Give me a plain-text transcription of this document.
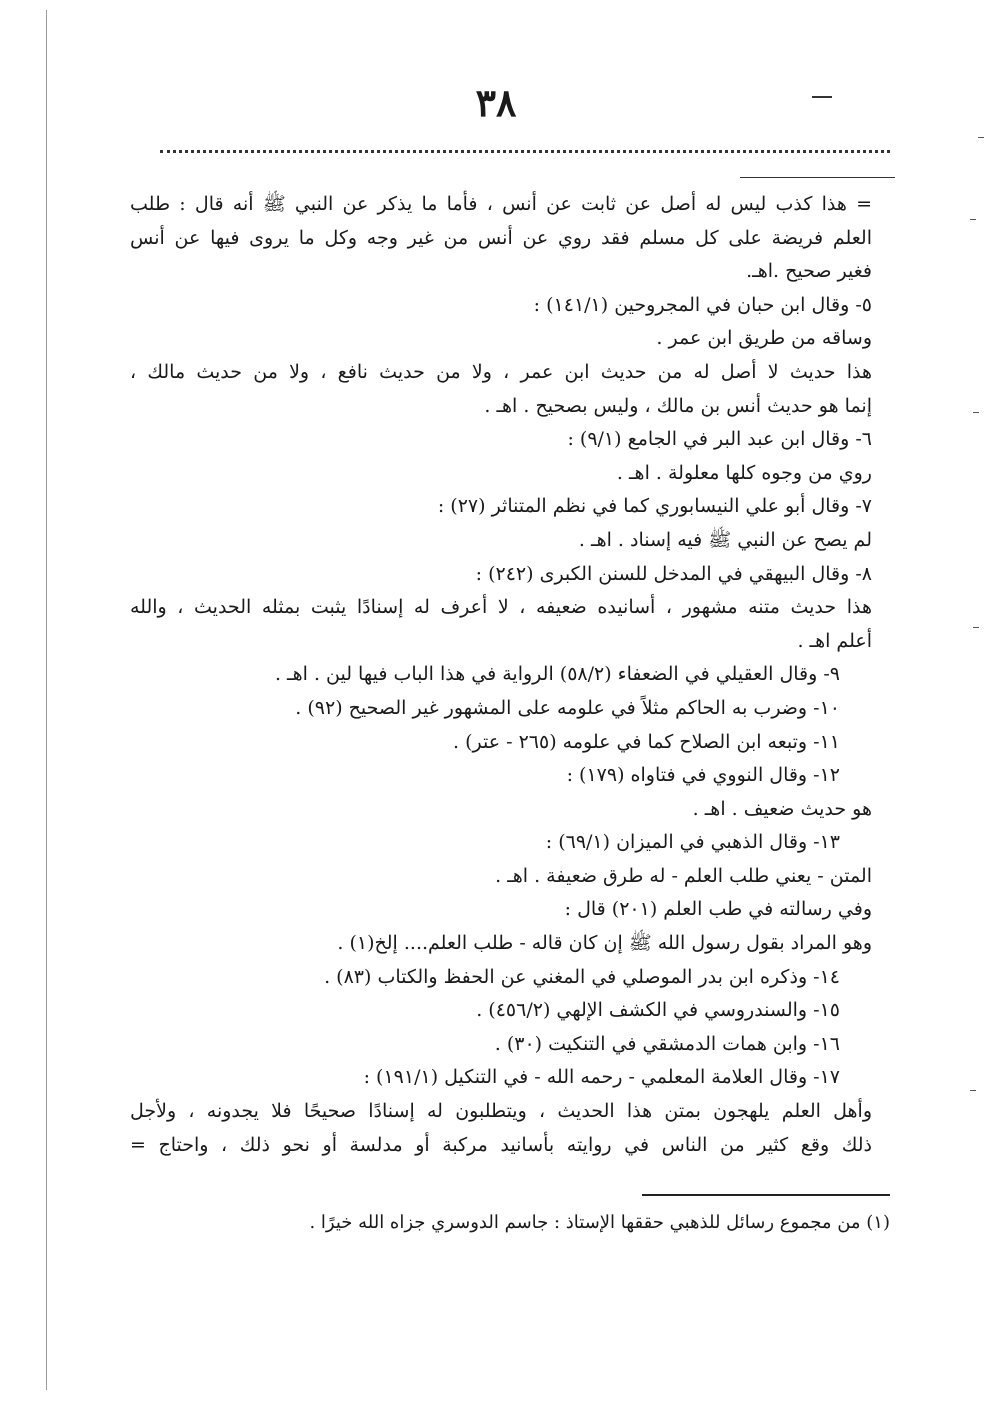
٣٨
= هذا كذب ليس له أصل عن ثابت عن أنس ، فأما ما يذكر عن النبي ﷺ أنه قال : طلب
العلم فريضة على كل مسلم فقد روي عن أنس من غير وجه وكل ما يروى فيها عن أنس
فغير صحيح .اهـ.
٥- وقال ابن حبان في المجروحين (١٤١/١) :
وساقه من طريق ابن عمر .
هذا حديث لا أصل له من حديث ابن عمر ، ولا من حديث نافع ، ولا من حديث مالك ،
إنما هو حديث أنس بن مالك ، وليس بصحيح . اهـ .
٦- وقال ابن عبد البر في الجامع (٩/١) :
روي من وجوه كلها معلولة . اهـ .
٧- وقال أبو علي النيسابوري كما في نظم المتناثر (٢٧) :
لم يصح عن النبي ﷺ فيه إسناد . اهـ .
٨- وقال البيهقي في المدخل للسنن الكبرى (٢٤٢) :
هذا حديث متنه مشهور ، أسانيده ضعيفه ، لا أعرف له إسنادًا يثبت بمثله الحديث ، والله
أعلم اهـ .
٩- وقال العقيلي في الضعفاء (٥٨/٢) الرواية في هذا الباب فيها لين . اهـ .
١٠- وضرب به الحاكم مثلاً في علومه على المشهور غير الصحيح (٩٢) .
١١- وتبعه ابن الصلاح كما في علومه (٢٦٥ - عتر) .
١٢- وقال النووي في فتاواه (١٧٩) :
هو حديث ضعيف . اهـ .
١٣- وقال الذهبي في الميزان (٦٩/١) :
المتن - يعني طلب العلم - له طرق ضعيفة . اهـ .
وفي رسالته في طب العلم (٢٠١) قال :
وهو المراد بقول رسول الله ﷺ إن كان قاله - طلب العلم.... إلخ(١) .
١٤- وذكره ابن بدر الموصلي في المغني عن الحفظ والكتاب (٨٣) .
١٥- والسندروسي في الكشف الإلهي (٤٥٦/٢) .
١٦- وابن همات الدمشقي في التنكيت (٣٠) .
١٧- وقال العلامة المعلمي - رحمه الله - في التنكيل (١٩١/١) :
وأهل العلم يلهجون بمتن هذا الحديث ، ويتطلبون له إسنادًا صحيحًا فلا يجدونه ، ولأجل
ذلك وقع كثير من الناس في روايته بأسانيد مركبة أو مدلسة أو نحو ذلك ، واحتاج =
(١) من مجموع رسائل للذهبي حققها الإستاذ : جاسم الدوسري جزاه الله خيرًا .
